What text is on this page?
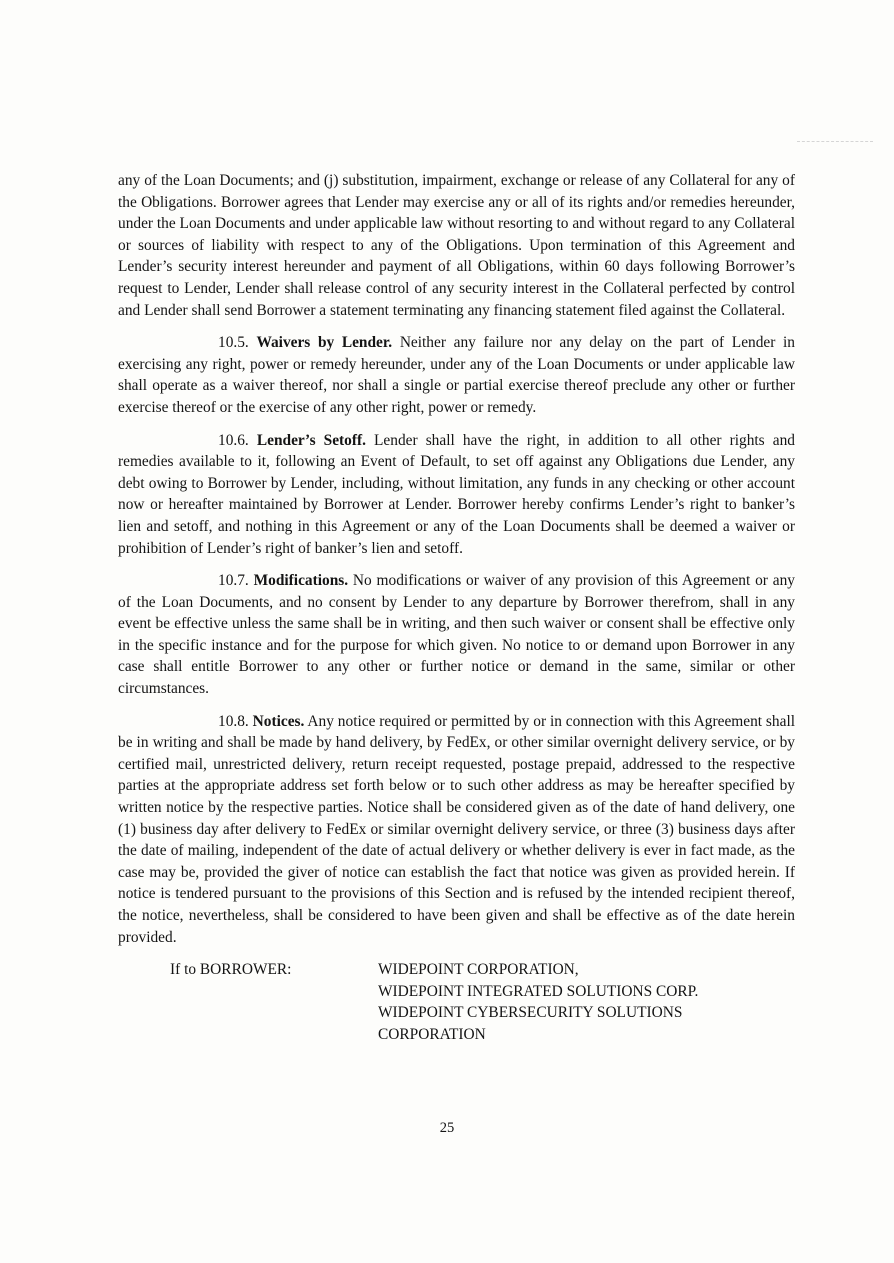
any of the Loan Documents; and (j) substitution, impairment, exchange or release of any Collateral for any of the Obligations. Borrower agrees that Lender may exercise any or all of its rights and/or remedies hereunder, under the Loan Documents and under applicable law without resorting to and without regard to any Collateral or sources of liability with respect to any of the Obligations. Upon termination of this Agreement and Lender’s security interest hereunder and payment of all Obligations, within 60 days following Borrower’s request to Lender, Lender shall release control of any security interest in the Collateral perfected by control and Lender shall send Borrower a statement terminating any financing statement filed against the Collateral.

10.5. Waivers by Lender. Neither any failure nor any delay on the part of Lender in exercising any right, power or remedy hereunder, under any of the Loan Documents or under applicable law shall operate as a waiver thereof, nor shall a single or partial exercise thereof preclude any other or further exercise thereof or the exercise of any other right, power or remedy.

10.6. Lender’s Setoff. Lender shall have the right, in addition to all other rights and remedies available to it, following an Event of Default, to set off against any Obligations due Lender, any debt owing to Borrower by Lender, including, without limitation, any funds in any checking or other account now or hereafter maintained by Borrower at Lender. Borrower hereby confirms Lender’s right to banker’s lien and setoff, and nothing in this Agreement or any of the Loan Documents shall be deemed a waiver or prohibition of Lender’s right of banker’s lien and setoff.

10.7. Modifications. No modifications or waiver of any provision of this Agreement or any of the Loan Documents, and no consent by Lender to any departure by Borrower therefrom, shall in any event be effective unless the same shall be in writing, and then such waiver or consent shall be effective only in the specific instance and for the purpose for which given. No notice to or demand upon Borrower in any case shall entitle Borrower to any other or further notice or demand in the same, similar or other circumstances.

10.8. Notices. Any notice required or permitted by or in connection with this Agreement shall be in writing and shall be made by hand delivery, by FedEx, or other similar overnight delivery service, or by certified mail, unrestricted delivery, return receipt requested, postage prepaid, addressed to the respective parties at the appropriate address set forth below or to such other address as may be hereafter specified by written notice by the respective parties. Notice shall be considered given as of the date of hand delivery, one (1) business day after delivery to FedEx or similar overnight delivery service, or three (3) business days after the date of mailing, independent of the date of actual delivery or whether delivery is ever in fact made, as the case may be, provided the giver of notice can establish the fact that notice was given as provided herein. If notice is tendered pursuant to the provisions of this Section and is refused by the intended recipient thereof, the notice, nevertheless, shall be considered to have been given and shall be effective as of the date herein provided.

If to BORROWER:	WIDEPOINT CORPORATION,
WIDEPOINT INTEGRATED SOLUTIONS CORP.
WIDEPOINT CYBERSECURITY SOLUTIONS
CORPORATION
25
